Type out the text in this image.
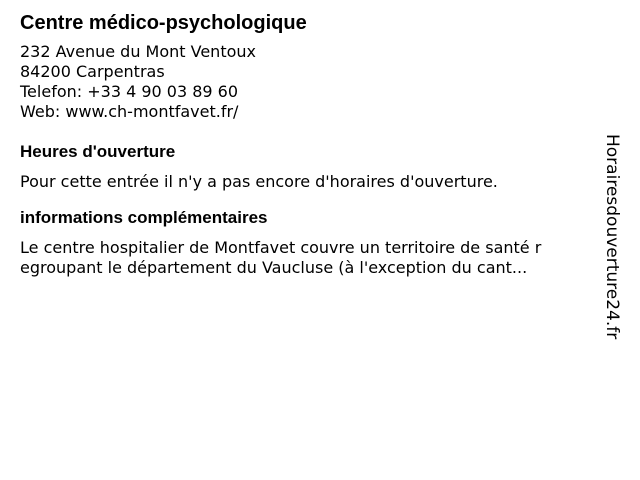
Centre médico-psychologique
232 Avenue du Mont Ventoux
84200 Carpentras
Telefon: +33 4 90 03 89 60
Web: www.ch-montfavet.fr/
Heures d'ouverture
Pour cette entrée il n'y a pas encore d'horaires d'ouverture.
informations complémentaires
Le centre hospitalier de Montfavet couvre un territoire de santé r
egroupant le département du Vaucluse (à l'exception du cant...	Horairesdouverture24.fr
